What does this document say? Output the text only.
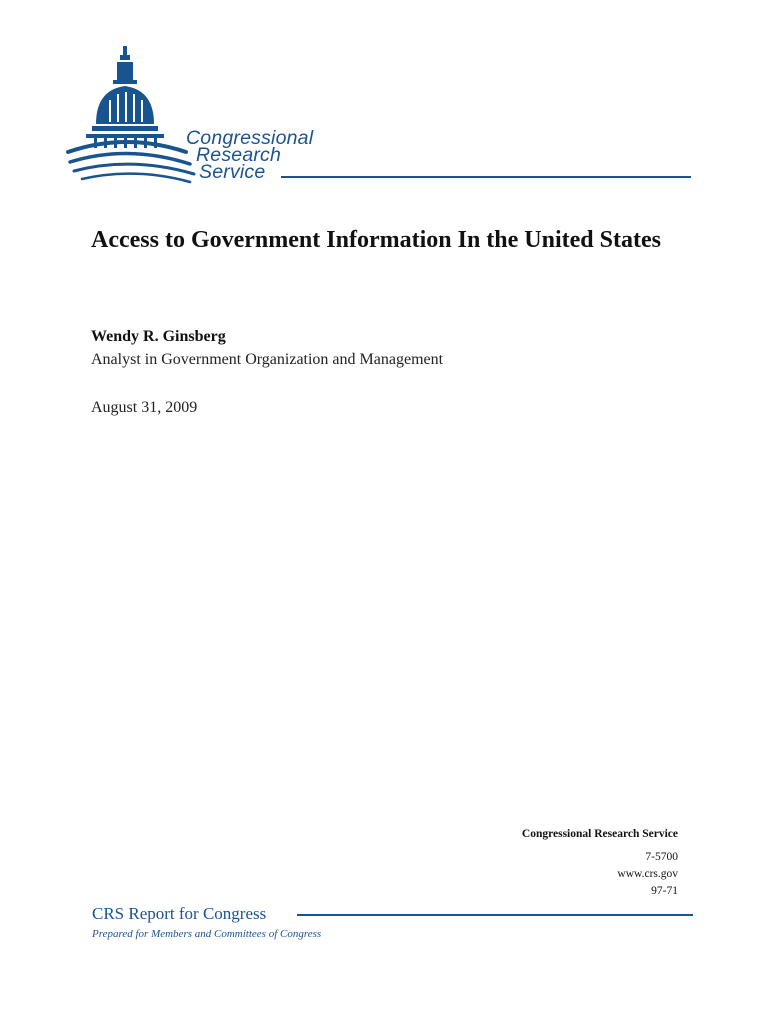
Congressional
Research
Service
Access to Government Information In the United States
Wendy R. Ginsberg
Analyst in Government Organization and Management
August 31, 2009
Congressional Research Service
7-5700
www.crs.gov
97-71
CRS Report for Congress
Prepared for Members and Committees of Congress
